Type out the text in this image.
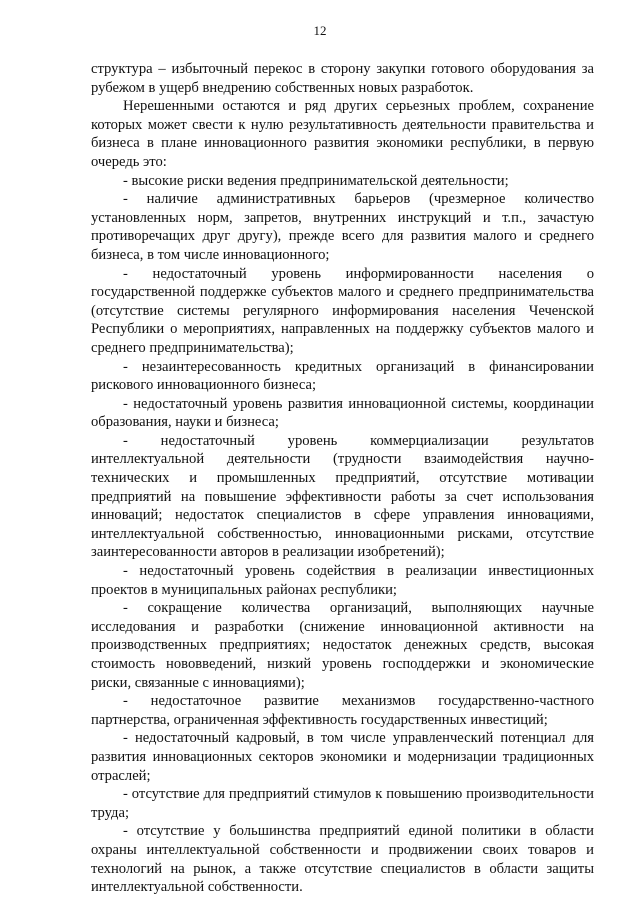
12

структура – избыточный перекос в сторону закупки готового оборудования за рубежом в ущерб внедрению собственных новых разработок.

Нерешенными остаются и ряд других серьезных проблем, сохранение которых может свести к нулю результативность деятельности правительства и бизнеса в плане инновационного развития экономики республики, в первую очередь это:

- высокие риски ведения предпринимательской деятельности;

- наличие административных барьеров (чрезмерное количество установленных норм, запретов, внутренних инструкций и т.п., зачастую противоречащих друг другу), прежде всего для развития малого и среднего бизнеса, в том числе инновационного;

- недостаточный уровень информированности населения о государственной поддержке субъектов малого и среднего предпринимательства (отсутствие системы регулярного информирования населения Чеченской Республики о мероприятиях, направленных на поддержку субъектов малого и среднего предпринимательства);

- незаинтересованность кредитных организаций в финансировании рискового инновационного бизнеса;

- недостаточный уровень развития инновационной системы, координации образования, науки и бизнеса;

- недостаточный уровень коммерциализации результатов интеллектуальной деятельности (трудности взаимодействия научно-технических и промышленных предприятий, отсутствие мотивации предприятий на повышение эффективности работы за счет использования инноваций; недостаток специалистов в сфере управления инновациями, интеллектуальной собственностью, инновационными рисками, отсутствие заинтересованности авторов в реализации изобретений);

- недостаточный уровень содействия в реализации инвестиционных проектов в муниципальных районах республики;

- сокращение количества организаций, выполняющих научные исследования и разработки (снижение инновационной активности на производственных предприятиях; недостаток денежных средств, высокая стоимость нововведений, низкий уровень господдержки и экономические риски, связанные с инновациями);

- недостаточное развитие механизмов государственно-частного партнерства, ограниченная эффективность государственных инвестиций;

- недостаточный кадровый, в том числе управленческий потенциал для развития инновационных секторов экономики и модернизации традиционных отраслей;

- отсутствие для предприятий стимулов к повышению производительности труда;

- отсутствие у большинства предприятий единой политики в области охраны интеллектуальной собственности и продвижении своих товаров и технологий на рынок, а также отсутствие специалистов в области защиты интеллектуальной собственности.
